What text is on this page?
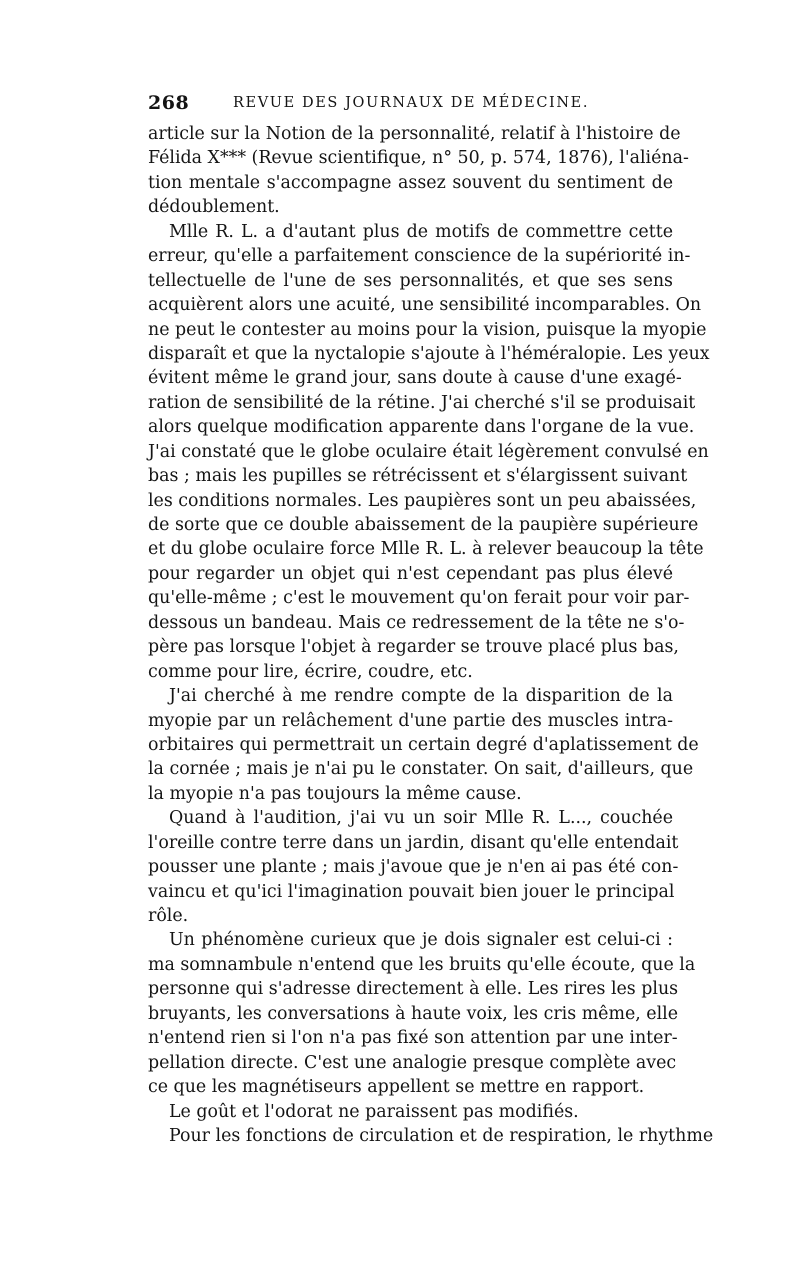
268	REVUE DES JOURNAUX DE MÉDECINE.
article sur la Notion de la personnalité, relatif à l'histoire de
Félida X*** (Revue scientifique, n° 50, p. 574, 1876), l'aliéna-
tion mentale s'accompagne assez souvent du sentiment de
dédoublement.
Mlle R. L. a d'autant plus de motifs de commettre cette
erreur, qu'elle a parfaitement conscience de la supériorité in-
tellectuelle de l'une de ses personnalités, et que ses sens
acquièrent alors une acuité, une sensibilité incomparables. On
ne peut le contester au moins pour la vision, puisque la myopie
disparaît et que la nyctalopie s'ajoute à l'héméralopie. Les yeux
évitent même le grand jour, sans doute à cause d'une exagé-
ration de sensibilité de la rétine. J'ai cherché s'il se produisait
alors quelque modification apparente dans l'organe de la vue.
J'ai constaté que le globe oculaire était légèrement convulsé en
bas ; mais les pupilles se rétrécissent et s'élargissent suivant
les conditions normales. Les paupières sont un peu abaissées,
de sorte que ce double abaissement de la paupière supérieure
et du globe oculaire force Mlle R. L. à relever beaucoup la tête
pour regarder un objet qui n'est cependant pas plus élevé
qu'elle-même ; c'est le mouvement qu'on ferait pour voir par-
dessous un bandeau. Mais ce redressement de la tête ne s'o-
père pas lorsque l'objet à regarder se trouve placé plus bas,
comme pour lire, écrire, coudre, etc.
J'ai cherché à me rendre compte de la disparition de la
myopie par un relâchement d'une partie des muscles intra-
orbitaires qui permettrait un certain degré d'aplatissement de
la cornée ; mais je n'ai pu le constater. On sait, d'ailleurs, que
la myopie n'a pas toujours la même cause.
Quand à l'audition, j'ai vu un soir Mlle R. L..., couchée
l'oreille contre terre dans un jardin, disant qu'elle entendait
pousser une plante ; mais j'avoue que je n'en ai pas été con-
vaincu et qu'ici l'imagination pouvait bien jouer le principal
rôle.
Un phénomène curieux que je dois signaler est celui-ci :
ma somnambule n'entend que les bruits qu'elle écoute, que la
personne qui s'adresse directement à elle. Les rires les plus
bruyants, les conversations à haute voix, les cris même, elle
n'entend rien si l'on n'a pas fixé son attention par une inter-
pellation directe. C'est une analogie presque complète avec
ce que les magnétiseurs appellent se mettre en rapport.
Le goût et l'odorat ne paraissent pas modifiés.
Pour les fonctions de circulation et de respiration, le rhythme
